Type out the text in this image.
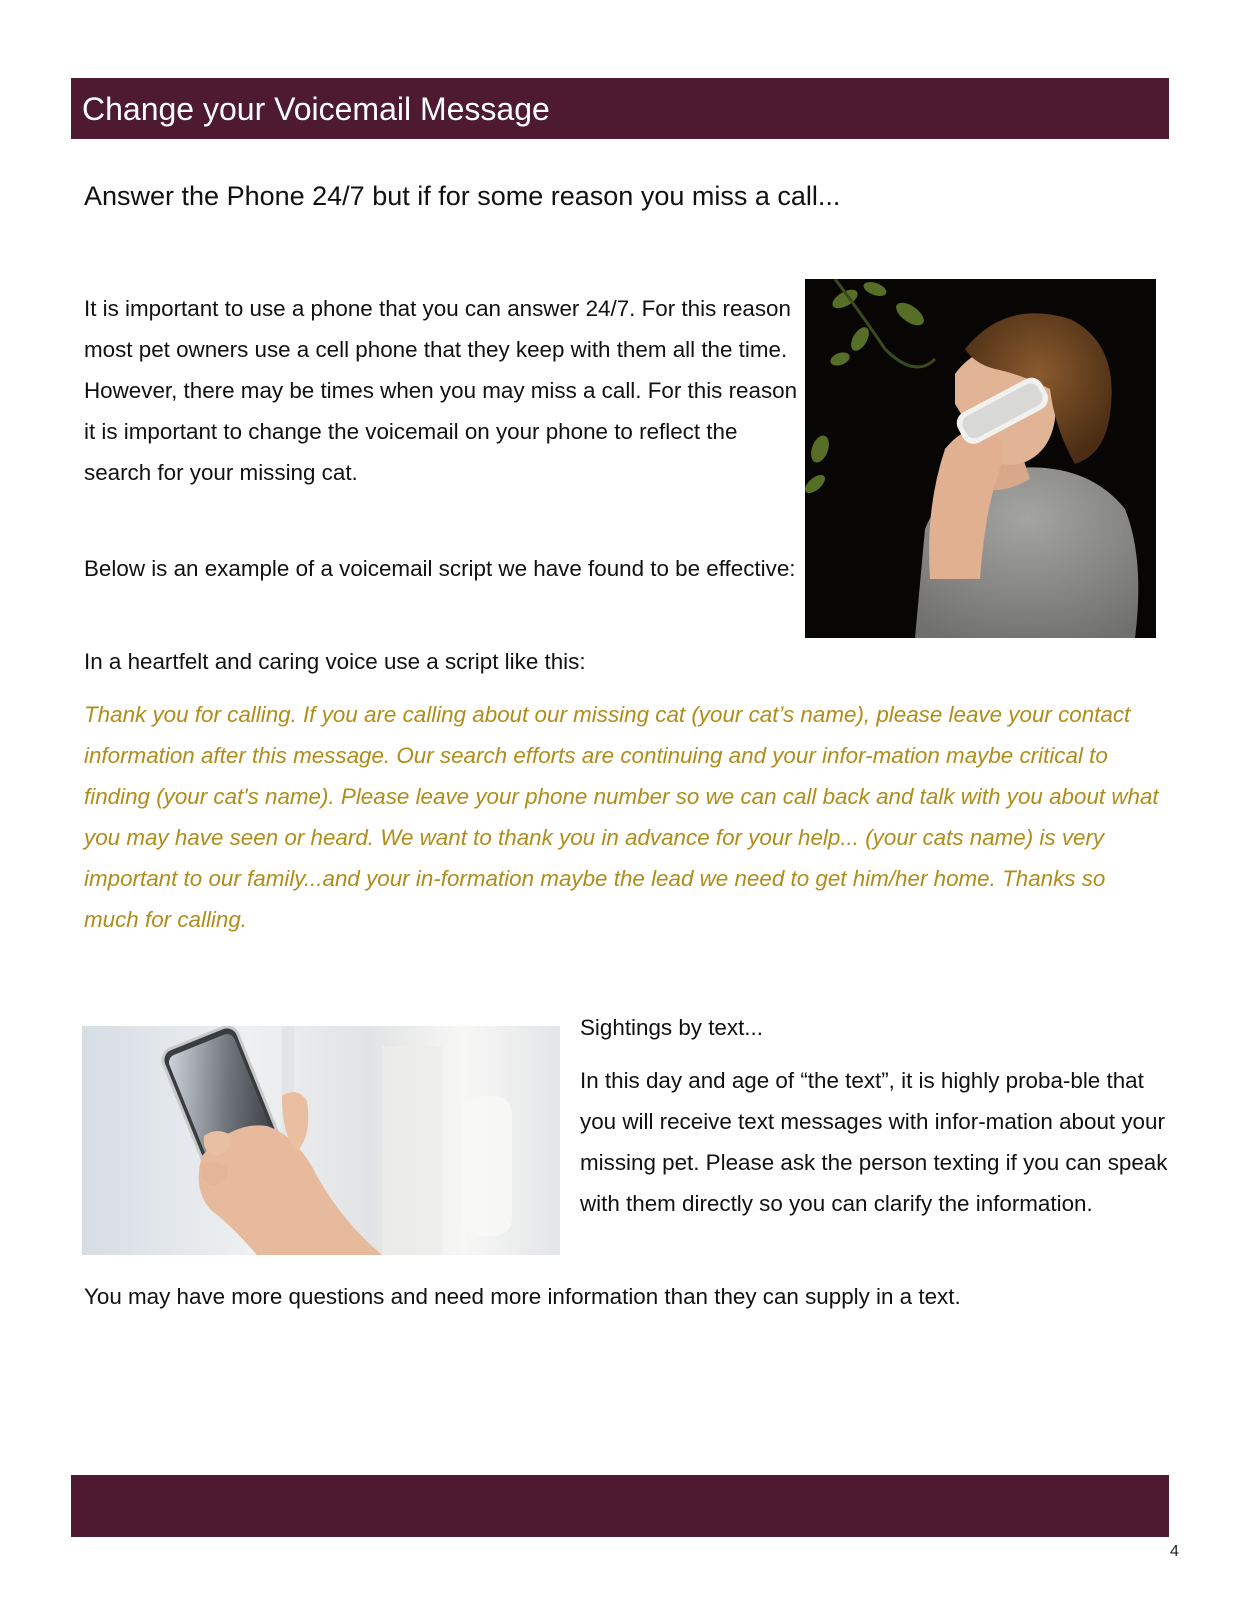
Change your Voicemail Message
Answer the Phone 24/7 but if for some reason you miss a call...
It is important to use a phone that you can answer 24/7. For this reason most pet owners use a cell phone that they keep with them all the time. However, there may be times when you may miss a call. For this reason it is important to change the voicemail on your phone to reflect the search for your missing cat.
Below is an example of a voicemail script we have found to be effective:
In a heartfelt and caring voice use a script like this:
Thank you for calling. If you are calling about our missing cat (your cat’s name), please leave your contact information after this message. Our search efforts are continuing and your infor-mation maybe critical to finding (your cat's name). Please leave your phone number so we can call back and talk with you about what you may have seen or heard. We want to thank you in advance for your help... (your cats name) is very important to our family...and your in-formation maybe the lead we need to get him/her home. Thanks so much for calling.
Sightings by text...
In this day and age of “the text”, it is highly proba-ble that you will receive text messages with infor-mation about your missing pet. Please ask the person texting if you can speak with them directly so you can clarify the information.
You may have more questions and need more information than they can supply in a text.
4
